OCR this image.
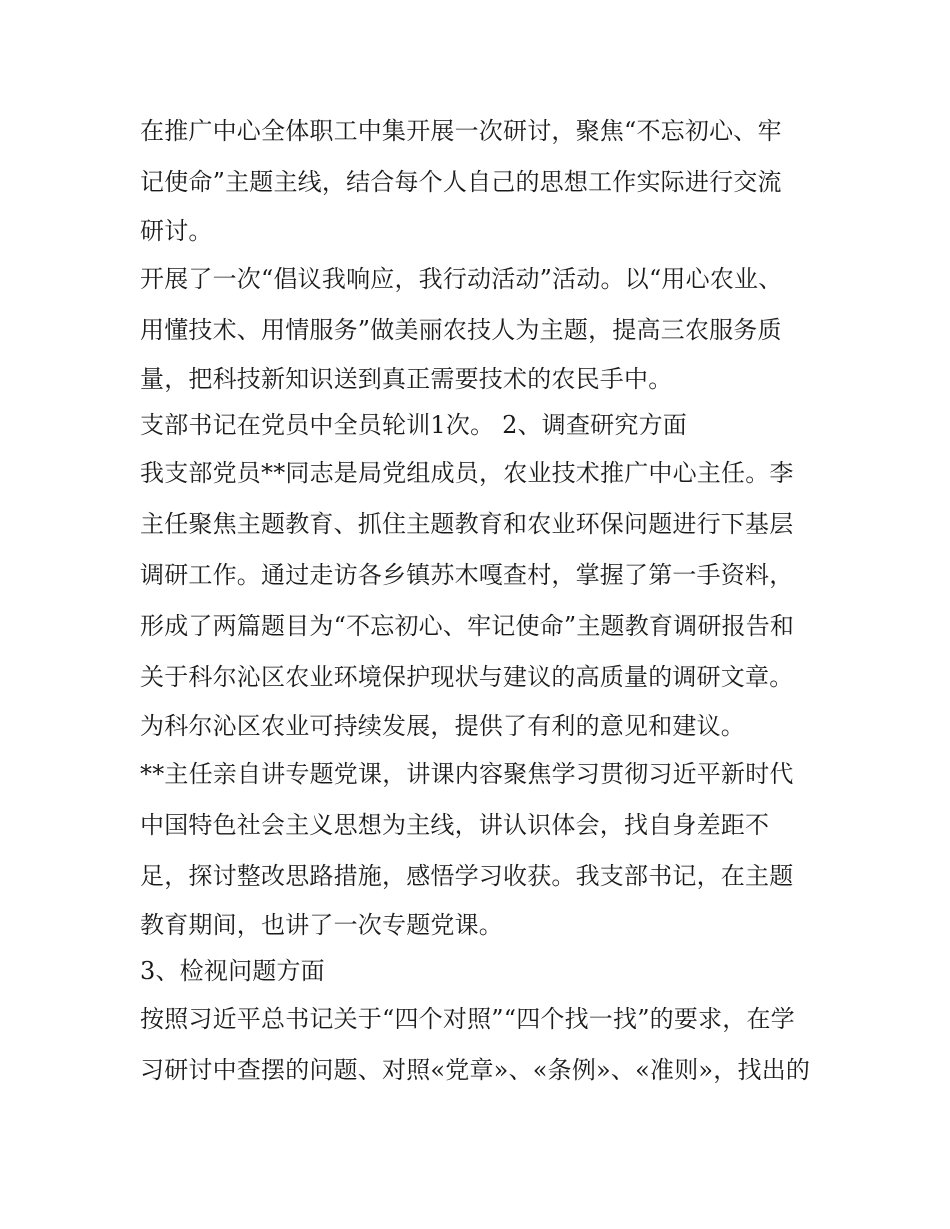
在推广中心全体职工中集开展一次研讨，聚焦“不忘初心、牢

记使命”主题主线，结合每个人自己的思想工作实际进行交流

研讨。

开展了一次“倡议我响应，我行动活动”活动。以“用心农业、

用懂技术、用情服务”做美丽农技人为主题，提高三农服务质

量，把科技新知识送到真正需要技术的农民手中。

支部书记在党员中全员轮训1次。 2、调查研究方面

我支部党员**同志是局党组成员，农业技术推广中心主任。李

主任聚焦主题教育、抓住主题教育和农业环保问题进行下基层

调研工作。通过走访各乡镇苏木嘎查村，掌握了第一手资料，

形成了两篇题目为“不忘初心、牢记使命”主题教育调研报告和

关于科尔沁区农业环境保护现状与建议的高质量的调研文章。

为科尔沁区农业可持续发展，提供了有利的意见和建议。

**主任亲自讲专题党课，讲课内容聚焦学习贯彻习近平新时代

中国特色社会主义思想为主线，讲认识体会，找自身差距不

足，探讨整改思路措施，感悟学习收获。我支部书记，在主题

教育期间，也讲了一次专题党课。

3、检视问题方面

按照习近平总书记关于“四个对照”“四个找一找”的要求，在学

习研讨中查摆的问题、对照«党章»、«条例»、«准则»，找出的
